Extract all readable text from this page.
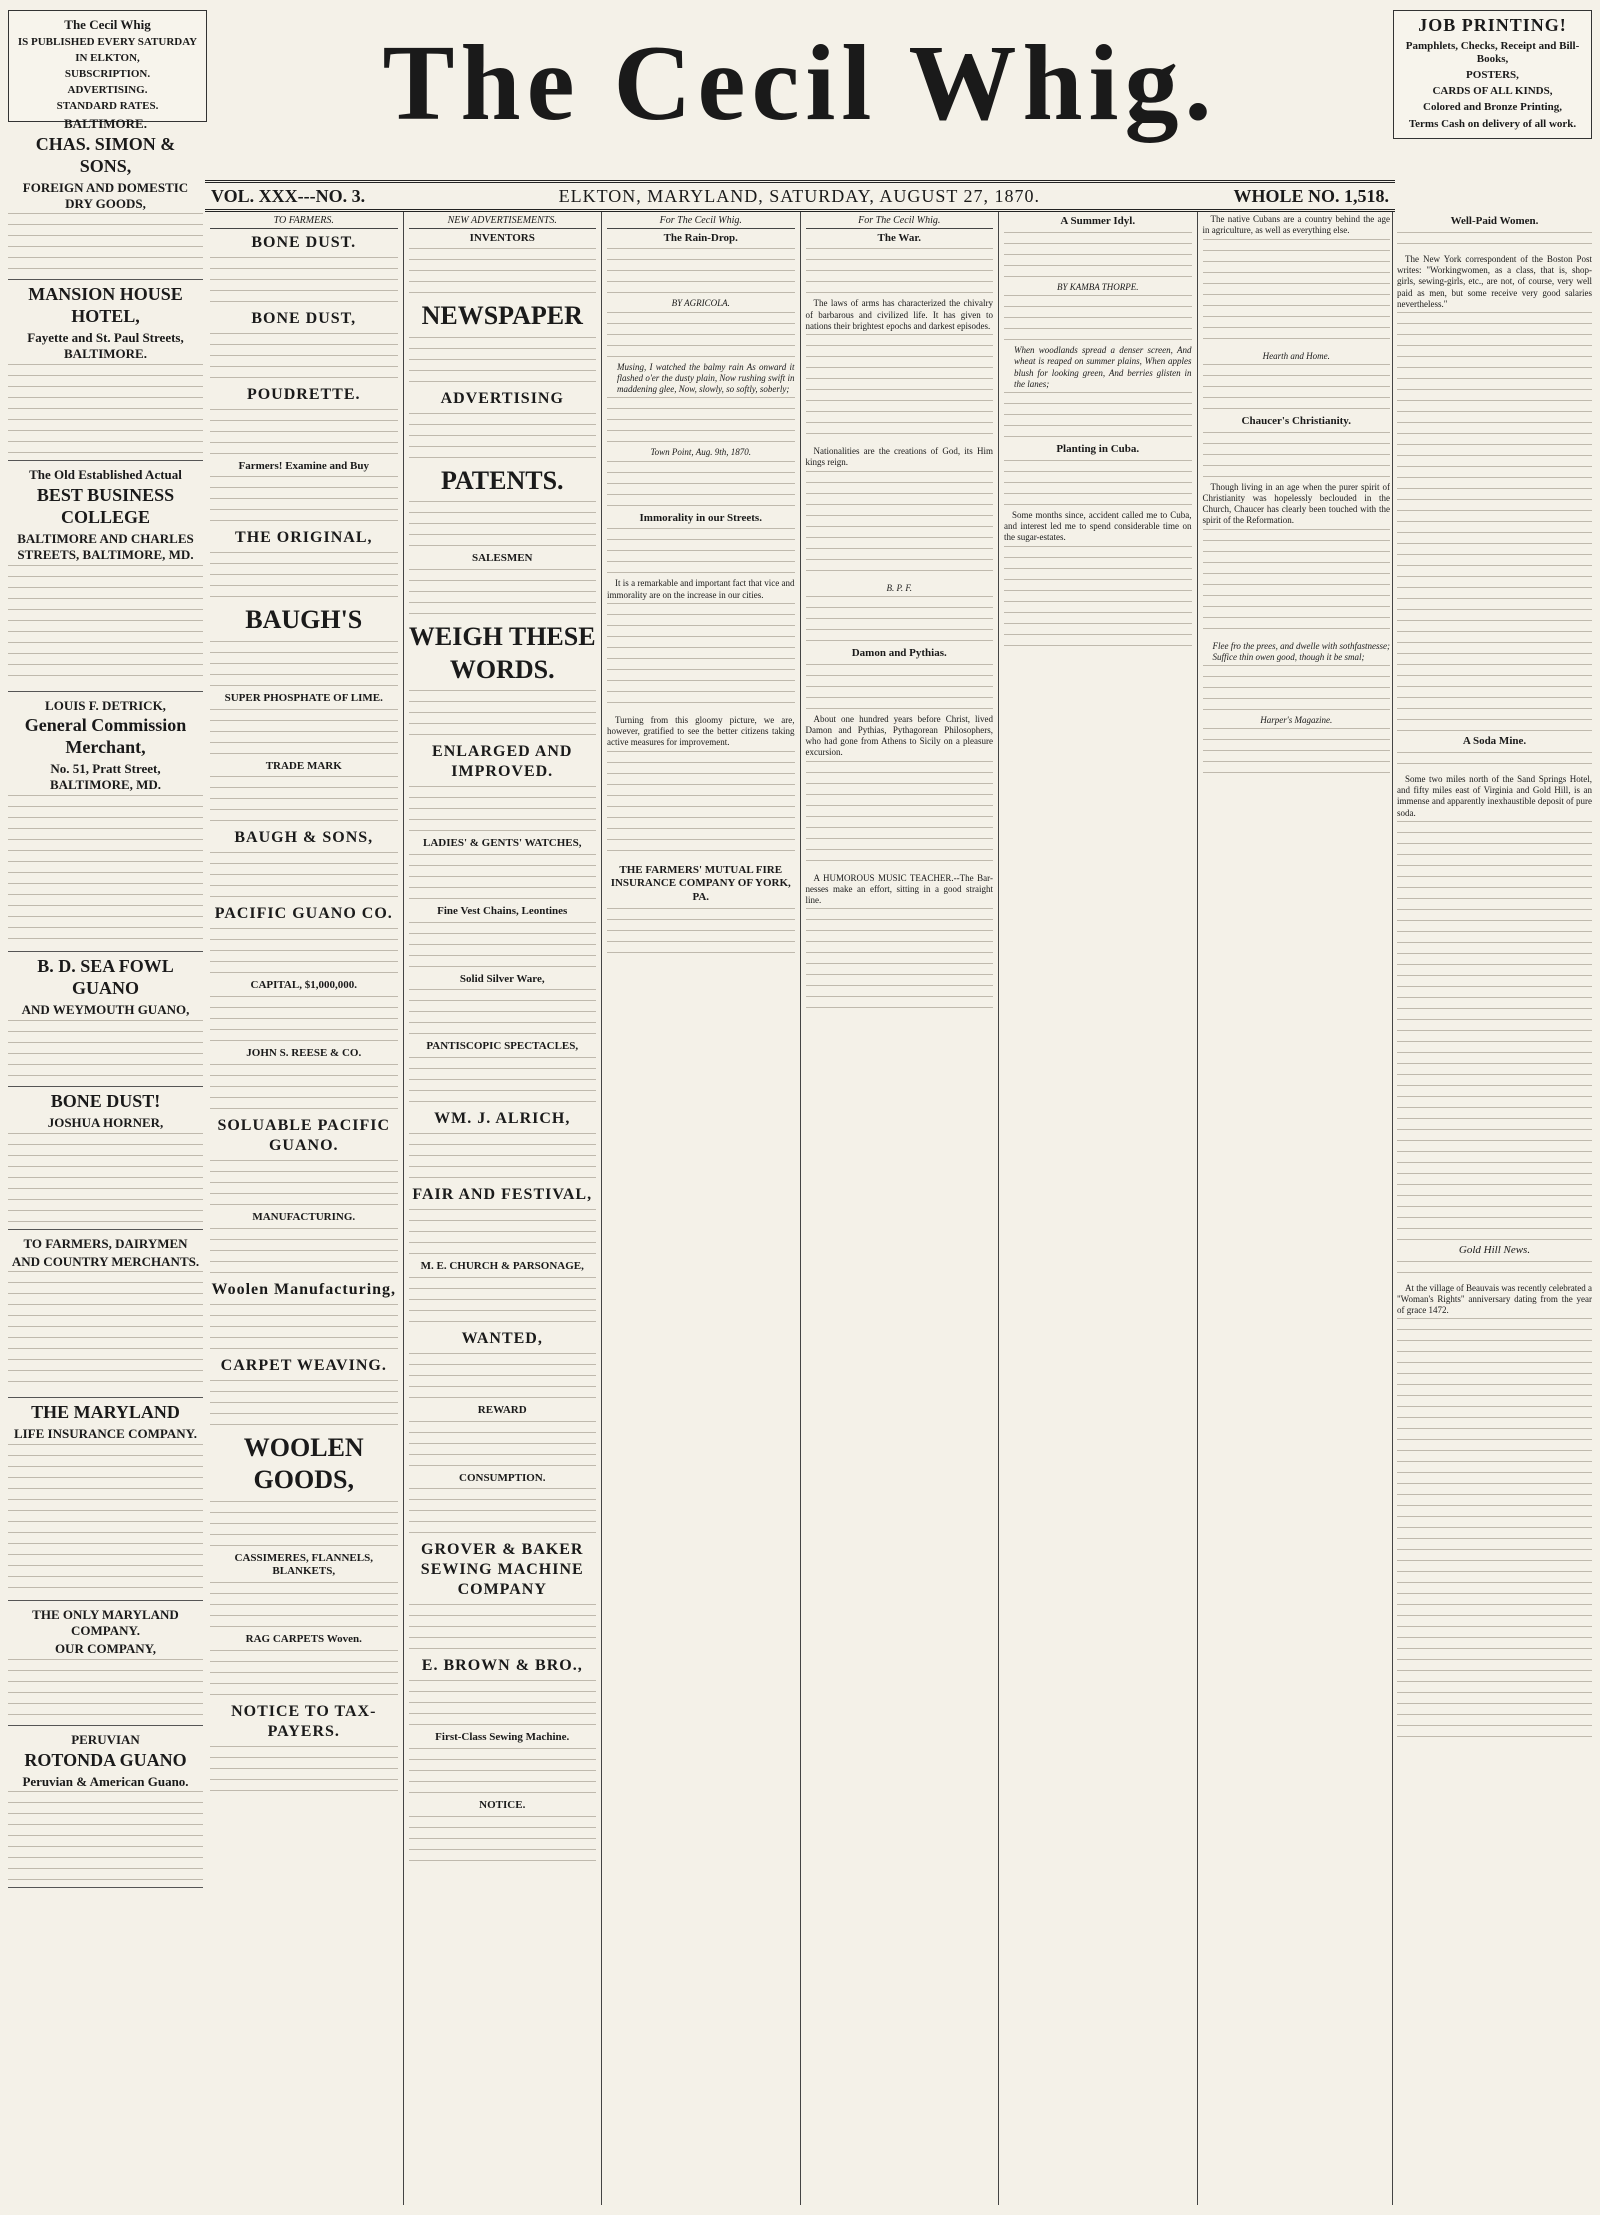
The Cecil Whig

IS PUBLISHED EVERY SATURDAY

IN ELKTON,

SUBSCRIPTION.

ADVERTISING.

STANDARD RATES.

JOB PRINTING!

Pamphlets, Checks, Receipt and Bill-Books,

POSTERS,

CARDS OF ALL KINDS,

Colored and Bronze Printing,

Terms Cash on delivery of all work.

The Cecil Whig.
VOL. XXX---NO. 3.	ELKTON, MARYLAND, SATURDAY, AUGUST 27, 1870.	WHOLE NO. 1,518.
BALTIMORE.
CHAS. SIMON & SONS,
FOREIGN AND DOMESTIC DRY GOODS,

MANSION HOUSE HOTEL,
Fayette and St. Paul Streets, BALTIMORE.

The Old Established Actual
BEST BUSINESS COLLEGE
BALTIMORE AND CHARLES STREETS, BALTIMORE, MD.

LOUIS F. DETRICK,
General Commission Merchant,
No. 51, Pratt Street, BALTIMORE, MD.

B. D. SEA FOWL GUANO
AND WEYMOUTH GUANO,

BONE DUST!
JOSHUA HORNER,

TO FARMERS, DAIRYMEN
AND COUNTRY MERCHANTS.

THE MARYLAND
LIFE INSURANCE COMPANY.

THE ONLY MARYLAND COMPANY.
OUR COMPANY,

PERUVIAN
ROTONDA GUANO
Peruvian & American Guano.

TO FARMERS.
BONE DUST.

BONE DUST,

POUDRETTE.

Farmers! Examine and Buy

THE ORIGINAL,

BAUGH'S

SUPER PHOSPHATE OF LIME.

TRADE MARK

BAUGH & SONS,

PACIFIC GUANO CO.

CAPITAL, $1,000,000.

JOHN S. REESE & CO.

SOLUABLE PACIFIC GUANO.

MANUFACTURING.

Woolen Manufacturing,

CARPET WEAVING.

WOOLEN GOODS,

CASSIMERES, FLANNELS, BLANKETS,

RAG CARPETS Woven.

NOTICE TO TAX-PAYERS.

NEW ADVERTISEMENTS.
INVENTORS

NEWSPAPER

ADVERTISING

PATENTS.

SALESMEN

WEIGH THESE WORDS.

ENLARGED AND IMPROVED.

LADIES' & GENTS' WATCHES,

Fine Vest Chains, Leontines

Solid Silver Ware,

PANTISCOPIC SPECTACLES,

WM. J. ALRICH,

FAIR AND FESTIVAL,

M. E. CHURCH & PARSONAGE,

WANTED,

REWARD

CONSUMPTION.

GROVER & BAKER SEWING MACHINE COMPANY

E. BROWN & BRO.,

First-Class Sewing Machine.

NOTICE.

For The Cecil Whig.
The Rain-Drop.

BY AGRICOLA.

Musing, I watched the balmy rain As onward it flashed o'er the dusty plain, Now rushing swift in maddening glee, Now, slowly, so softly, soberly;

Town Point, Aug. 9th, 1870.

Immorality in our Streets.

It is a remarkable and important fact that vice and immorality are on the increase in our cities.

Turning from this gloomy picture, we are, however, gratified to see the better citizens taking active measures for improvement.

THE FARMERS' MUTUAL FIRE INSURANCE COMPANY OF YORK, PA.

For The Cecil Whig.
The War.

The laws of arms has characterized the chivalry of barbarous and civilized life. It has given to nations their brightest epochs and darkest episodes.

Nationalities are the creations of God, its Him kings reign.

B. P. F.

Damon and Pythias.

About one hundred years before Christ, lived Damon and Pythias, Pythagorean Philosophers, who had gone from Athens to Sicily on a pleasure excursion.

A HUMOROUS MUSIC TEACHER.--The Bar-nesses make an effort, sitting in a good straight line.

A Summer Idyl.

BY KAMBA THORPE.

When woodlands spread a denser screen, And wheat is reaped on summer plains, When apples blush for looking green, And berries glisten in the lanes;

Planting in Cuba.

Some months since, accident called me to Cuba, and interest led me to spend considerable time on the sugar-estates.

The native Cubans are a country behind the age in agriculture, as well as everything else.

Hearth and Home.

Chaucer's Christianity.

Though living in an age when the purer spirit of Christianity was hopelessly beclouded in the Church, Chaucer has clearly been touched with the spirit of the Reformation.

Flee fro the prees, and dwelle with sothfastnesse; Suffice thin owen good, though it be smal;

Harper's Magazine.

Well-Paid Women.

The New York correspondent of the Boston Post writes: "Workingwomen, as a class, that is, shop-girls, sewing-girls, etc., are not, of course, very well paid as men, but some receive very good salaries nevertheless."

A Soda Mine.

Some two miles north of the Sand Springs Hotel, and fifty miles east of Virginia and Gold Hill, is an immense and apparently inexhaustible deposit of pure soda.

Gold Hill News.

At the village of Beauvais was recently celebrated a "Woman's Rights" anniversary dating from the year of grace 1472.
